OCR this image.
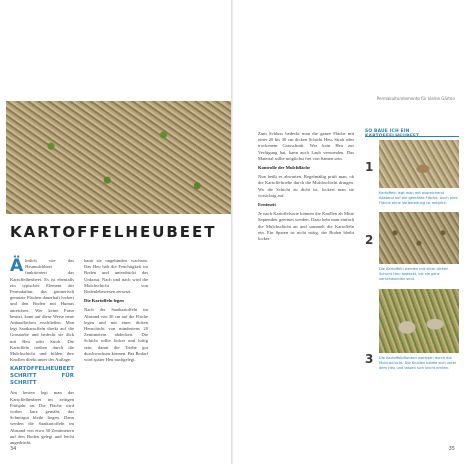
KARTOFFELHEUBEET

Ä hnlich wie das Heumulchbeet funktioniert das Kartoffelheubeet. Es ist ebenfalls ein typisches Element der Permakultur, das gärtnerisch genutzte Flächen dauerhaft lockert und den Boden mit Humus anreichert. Wer keine Fräse besitzt, kann auf diese Weise neue Anbauflächen erschließen. Man legt Saatkartoffeln direkt auf die Grasnarbe und bedeckt sie dick mit Heu oder Stroh. Die Kartoffeln treiben durch die Mulchschicht und bilden ihre Knollen direkt unter der Auflage.

KARTOFFELHEUBEET SCHRITT FÜR SCHRITT

Am besten legt man das Kartoffelheubeet im zeitigen Frühjahr an. Die Fläche wird vorher kurz gemäht, das Schnittgut bleibt liegen. Dann werden die Saatkartoffeln im Abstand von etwa 30 Zentimetern auf den Boden gelegt und leicht angedrückt.

kann sie ungehindert wachsen. Das Heu hält die Feuchtigkeit im Boden und unterdrückt das Unkraut. Nach und nach wird die Mulchschicht von Bodenlebewesen zersetzt.

Die Kartoffeln legen

Nach der Saatkartoffeln im Abstand von 30 cm auf die Fläche legen und mit einer dicken Heuschicht von mindestens 20 Zentimetern abdecken. Die Schicht sollte locker und luftig sein, damit die Triebe gut durchwachsen können. Bei Bedarf wird später Heu nachgelegt.

34
Permakulturelemente für kleine Gärten

Zum Schluss bedeckt man die ganze Fläche mit einer 20 bis 30 cm dicken Schicht Heu, Stroh oder trockenem Grasschnitt. Wer kein Heu zur Verfügung hat, kann auch Laub verwenden. Das Material sollte möglichst frei von Samen sein.

Kontrolle der Mulchfläche

Nun heißt es abwarten. Regelmäßig prüft man, ob die Kartoffeltriebe durch die Mulchschicht dringen. Wo die Schicht zu dicht ist, lockert man sie vorsichtig auf.

Ernteseit

Je nach Kartoffelsorte können die Knollen ab Mitte September geerntet werden. Dazu hebt man einfach die Mulchschicht an und sammelt die Kartoffeln ein. Ein Spaten ist nicht nötig, der Boden bleibt locker.

SO BAUE ICH EIN
1
Kartoffeln legt man mit ausreichend Abstand auf die gemähte Fläche. Auch eine Fläche ohne Vorbereitung ist möglich.
2
Die Kartoffeln werden mit einer dicken Schicht Heu bedeckt, bis sie ganz verschwunden sind.
3 Die Kartoffelpflanzen wachsen durch die Mulchschicht. Die Knollen bilden sich unter dem Heu und lassen sich leicht ernten.
35
